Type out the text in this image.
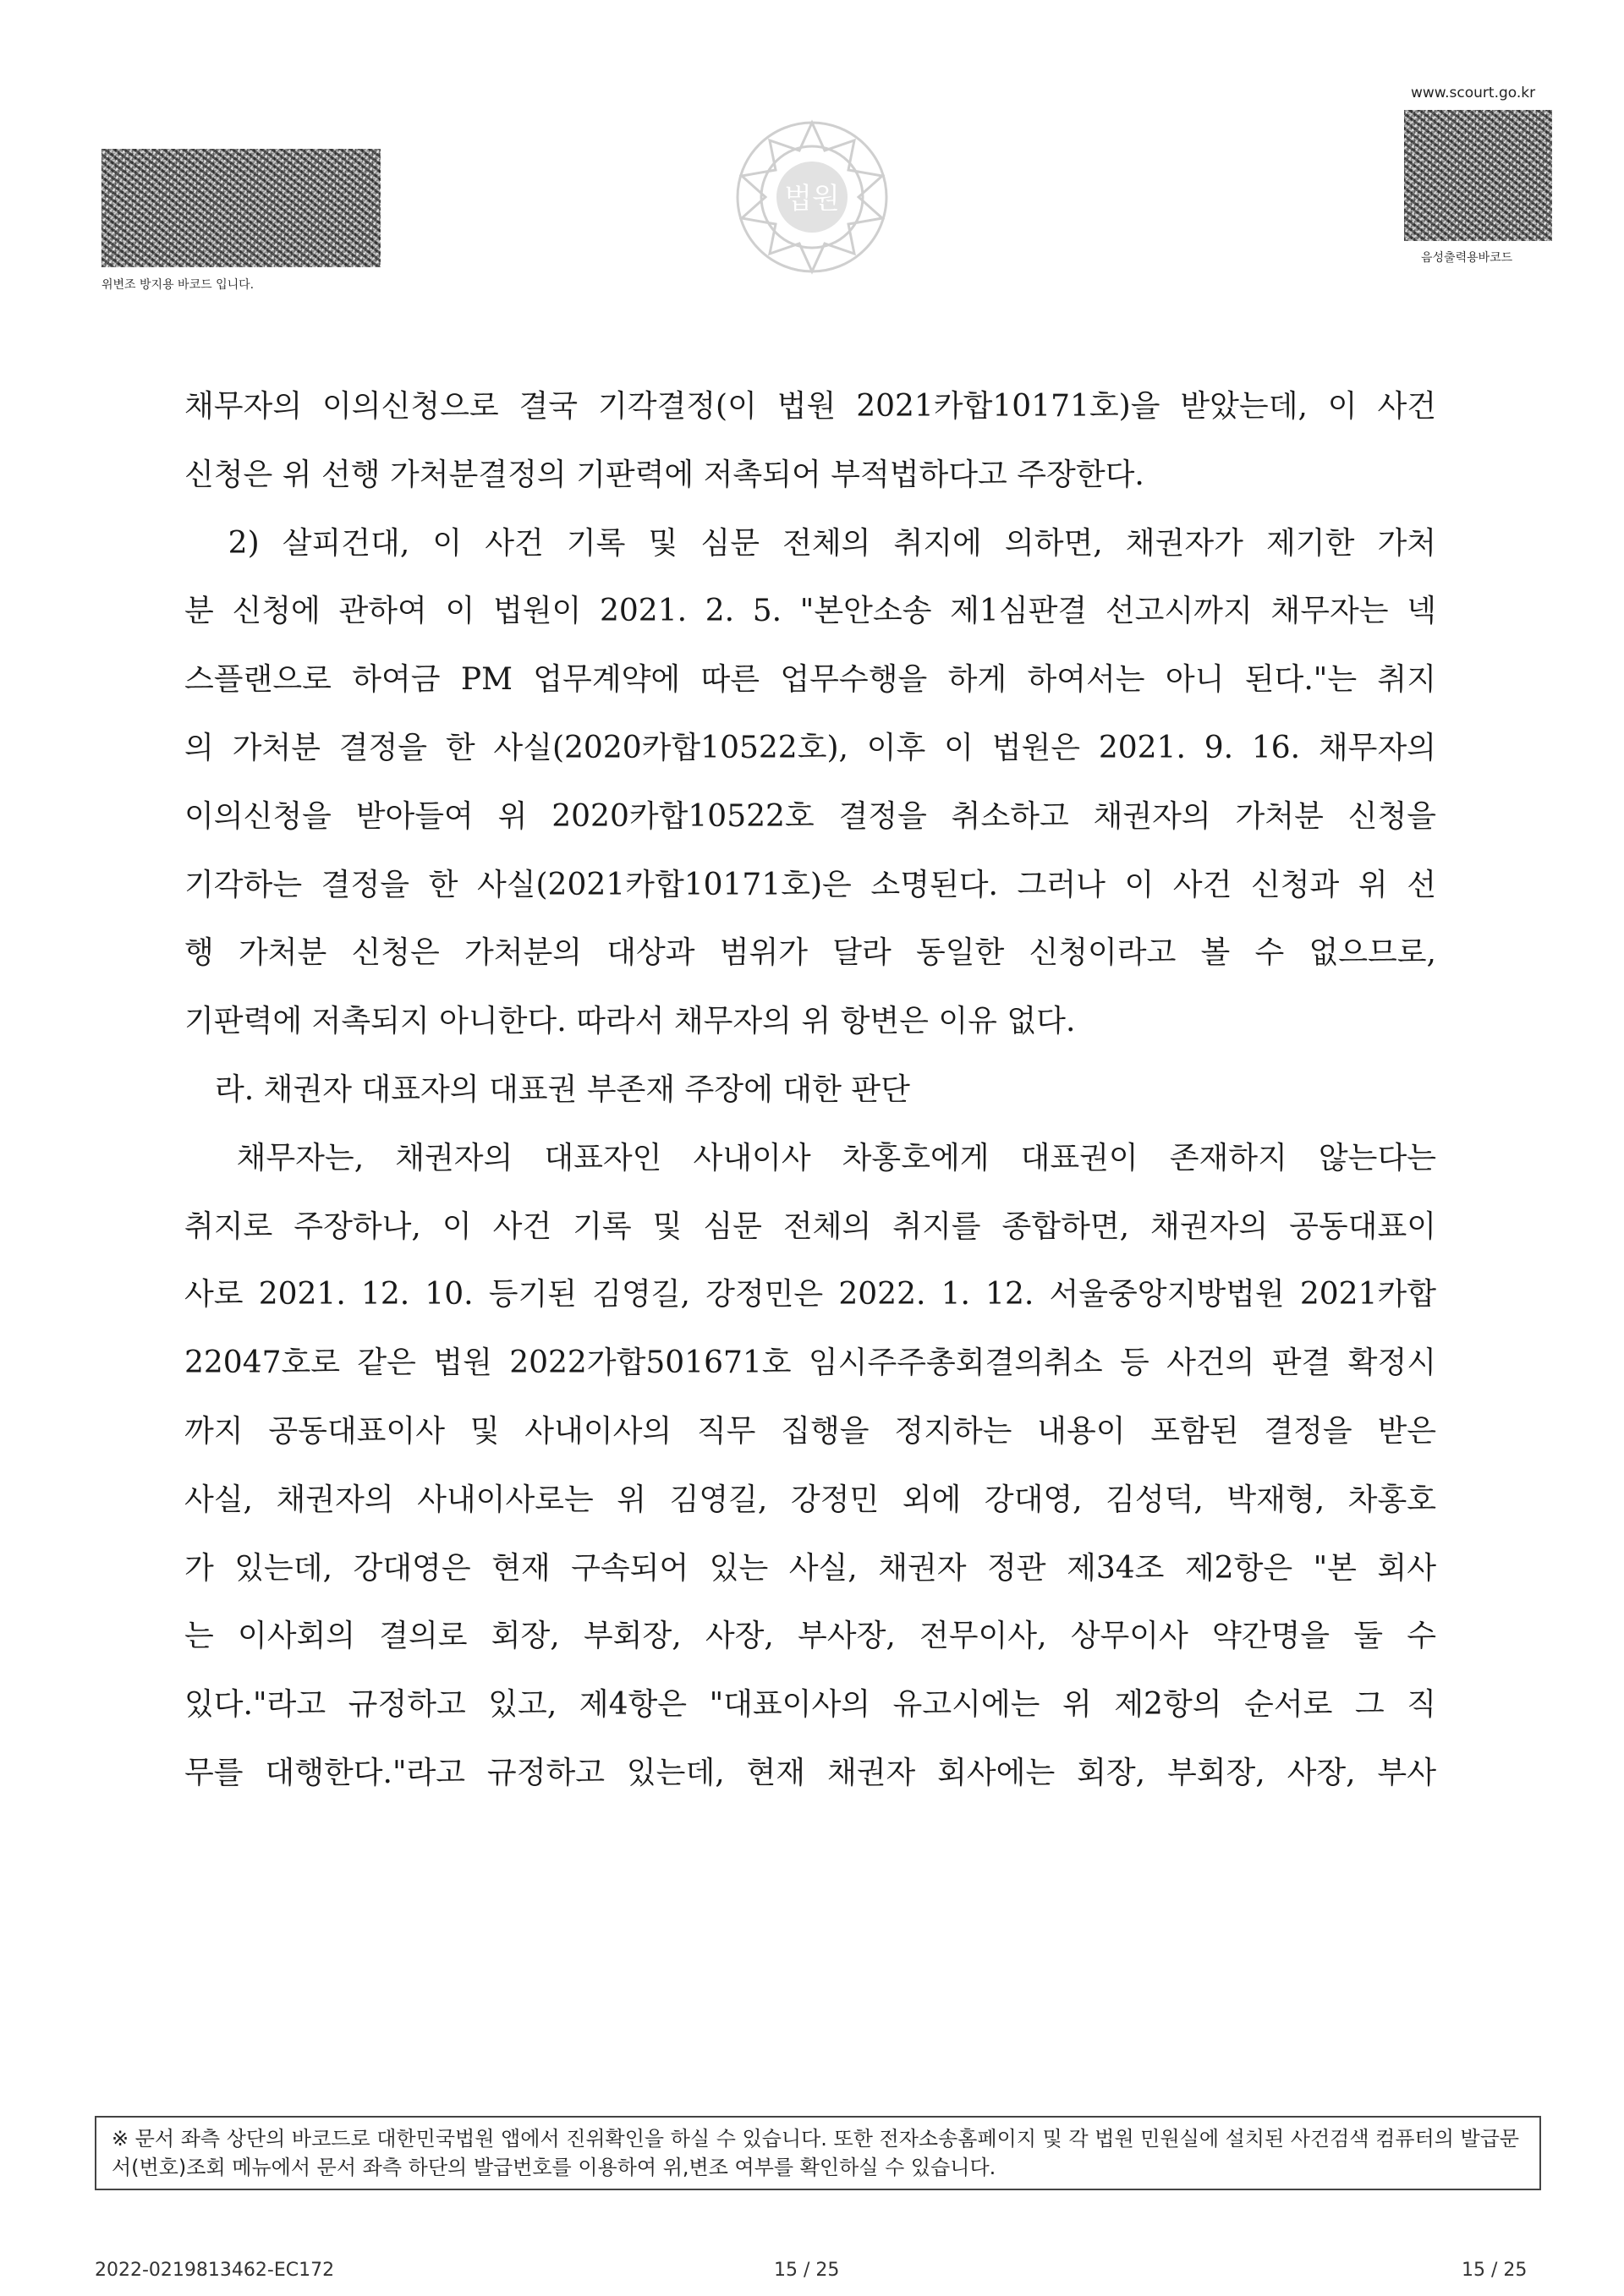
위변조 방지용 바코드 입니다.
법원
www.scourt.go.kr
음성출력용바코드
채무자의 이의신청으로 결국 기각결정(이 법원 2021카합10171호)을 받았는데, 이 사건
신청은 위 선행 가처분결정의 기판력에 저촉되어 부적법하다고 주장한다.
　2) 살피건대, 이 사건 기록 및 심문 전체의 취지에 의하면, 채권자가 제기한 가처
분 신청에 관하여 이 법원이 2021. 2. 5. "본안소송 제1심판결 선고시까지 채무자는 넥
스플랜으로 하여금 PM 업무계약에 따른 업무수행을 하게 하여서는 아니 된다."는 취지
의 가처분 결정을 한 사실(2020카합10522호), 이후 이 법원은 2021. 9. 16. 채무자의
이의신청을 받아들여 위 2020카합10522호 결정을 취소하고 채권자의 가처분 신청을
기각하는 결정을 한 사실(2021카합10171호)은 소명된다. 그러나 이 사건 신청과 위 선
행 가처분 신청은 가처분의 대상과 범위가 달라 동일한 신청이라고 볼 수 없으므로,
기판력에 저촉되지 아니한다. 따라서 채무자의 위 항변은 이유 없다.
　라. 채권자 대표자의 대표권 부존재 주장에 대한 판단
　채무자는, 채권자의 대표자인 사내이사 차홍호에게 대표권이 존재하지 않는다는
취지로 주장하나, 이 사건 기록 및 심문 전체의 취지를 종합하면, 채권자의 공동대표이
사로 2021. 12. 10. 등기된 김영길, 강정민은 2022. 1. 12. 서울중앙지방법원 2021카합
22047호로 같은 법원 2022가합501671호 임시주주총회결의취소 등 사건의 판결 확정시
까지 공동대표이사 및 사내이사의 직무 집행을 정지하는 내용이 포함된 결정을 받은
사실, 채권자의 사내이사로는 위 김영길, 강정민 외에 강대영, 김성덕, 박재형, 차홍호
가 있는데, 강대영은 현재 구속되어 있는 사실, 채권자 정관 제34조 제2항은 "본 회사
는 이사회의 결의로 회장, 부회장, 사장, 부사장, 전무이사, 상무이사 약간명을 둘 수
있다."라고 규정하고 있고, 제4항은 "대표이사의 유고시에는 위 제2항의 순서로 그 직
무를 대행한다."라고 규정하고 있는데, 현재 채권자 회사에는 회장, 부회장, 사장, 부사
※ 문서 좌측 상단의 바코드로 대한민국법원 앱에서 진위확인을 하실 수 있습니다. 또한 전자소송홈페이지 및 각 법원 민원실에 설치된 사건검색 컴퓨터의 발급문서(번호)조회 메뉴에서 문서 좌측 하단의 발급번호를 이용하여 위,변조 여부를 확인하실 수 있습니다.
2022-0219813462-EC172	15 / 25	15 / 25
